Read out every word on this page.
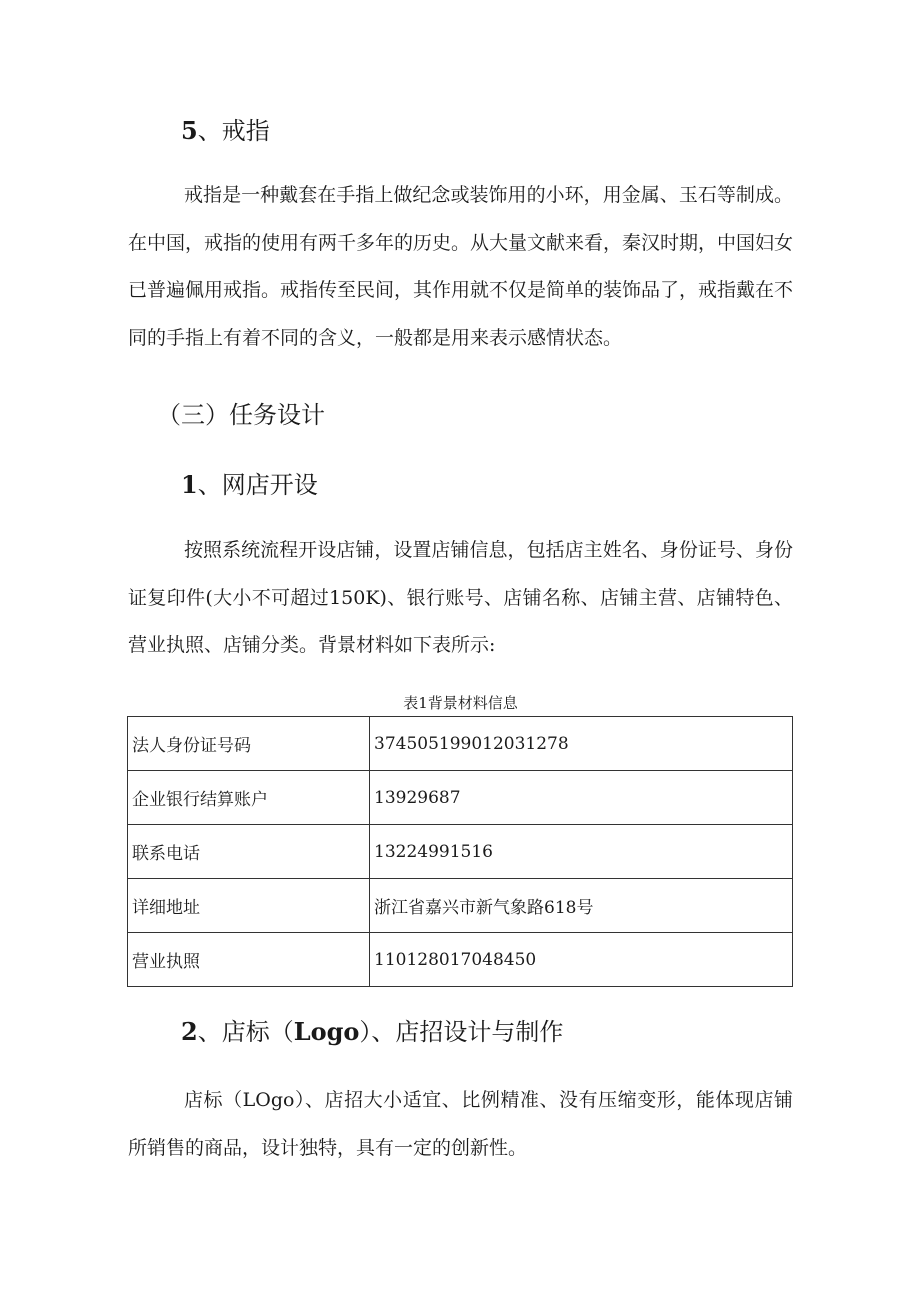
5、戒指

戒指是一种戴套在手指上做纪念或装饰用的小环，用金属、玉石等制成。在中国，戒指的使用有两千多年的历史。从大量文献来看，秦汉时期，中国妇女已普遍佩用戒指。戒指传至民间，其作用就不仅是简单的装饰品了，戒指戴在不同的手指上有着不同的含义，一般都是用来表示感情状态。

（三）任务设计
1、网店开设

按照系统流程开设店铺，设置店铺信息，包括店主姓名、身份证号、身份证复印件(大小不可超过150K)、银行账号、店铺名称、店铺主营、店铺特色、营业执照、店铺分类。背景材料如下表所示:

表1背景材料信息
法人身份证号码	374505199012031278
企业银行结算账户	13929687
联系电话	13224991516
详细地址	浙江省嘉兴市新气象路618号
营业执照	110128017048450
2、店标（Logo）、店招设计与制作

店标（LOgo）、店招大小适宜、比例精准、没有压缩变形，能体现店铺所销售的商品，设计独特，具有一定的创新性。
